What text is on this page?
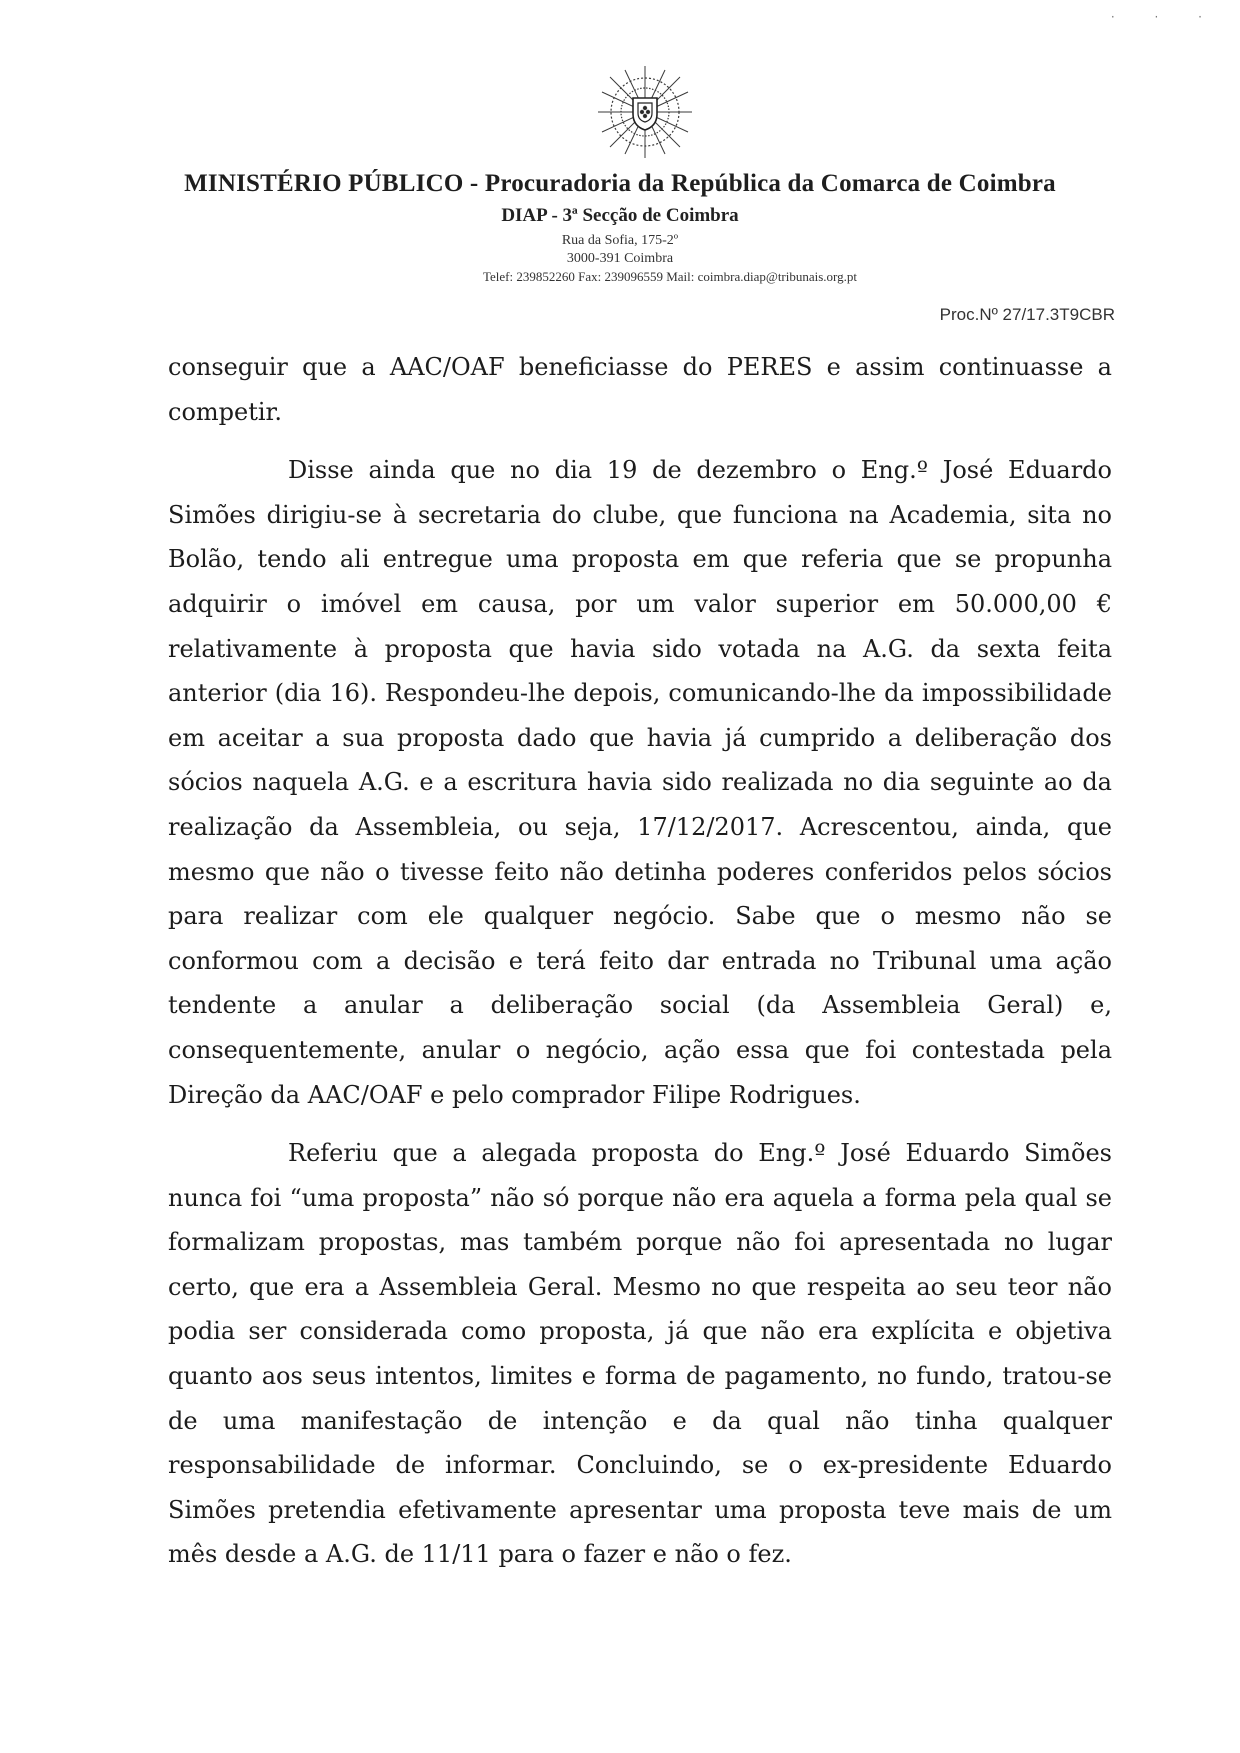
· · ·
MINISTÉRIO PÚBLICO - Procuradoria da República da Comarca de Coimbra
DIAP - 3ª Secção de Coimbra
Rua da Sofia, 175-2º
3000-391 Coimbra
Telef: 239852260 Fax: 239096559 Mail: coimbra.diap@tribunais.org.pt
Proc.Nº 27/17.3T9CBR

conseguir que a AAC/OAF beneficiasse do PERES e assim continuasse a competir.

Disse ainda que no dia 19 de dezembro o Eng.º José Eduardo Simões dirigiu-se à secretaria do clube, que funciona na Academia, sita no Bolão, tendo ali entregue uma proposta em que referia que se propunha adquirir o imóvel em causa, por um valor superior em 50.000,00 € relativamente à proposta que havia sido votada na A.G. da sexta feita anterior (dia 16). Respondeu-lhe depois, comunicando-lhe da impossibilidade em aceitar a sua proposta dado que havia já cumprido a deliberação dos sócios naquela A.G. e a escritura havia sido realizada no dia seguinte ao da realização da Assembleia, ou seja, 17/12/2017. Acrescentou, ainda, que mesmo que não o tivesse feito não detinha poderes conferidos pelos sócios para realizar com ele qualquer negócio. Sabe que o mesmo não se conformou com a decisão e terá feito dar entrada no Tribunal uma ação tendente a anular a deliberação social (da Assembleia Geral) e, consequentemente, anular o negócio, ação essa que foi contestada pela Direção da AAC/OAF e pelo comprador Filipe Rodrigues.

Referiu que a alegada proposta do Eng.º José Eduardo Simões nunca foi “uma proposta” não só porque não era aquela a forma pela qual se formalizam propostas, mas também porque não foi apresentada no lugar certo, que era a Assembleia Geral. Mesmo no que respeita ao seu teor não podia ser considerada como proposta, já que não era explícita e objetiva quanto aos seus intentos, limites e forma de pagamento, no fundo, tratou-se de uma manifestação de intenção e da qual não tinha qualquer responsabilidade de informar. Concluindo, se o ex-presidente Eduardo Simões pretendia efetivamente apresentar uma proposta teve mais de um mês desde a A.G. de 11/11 para o fazer e não o fez.
